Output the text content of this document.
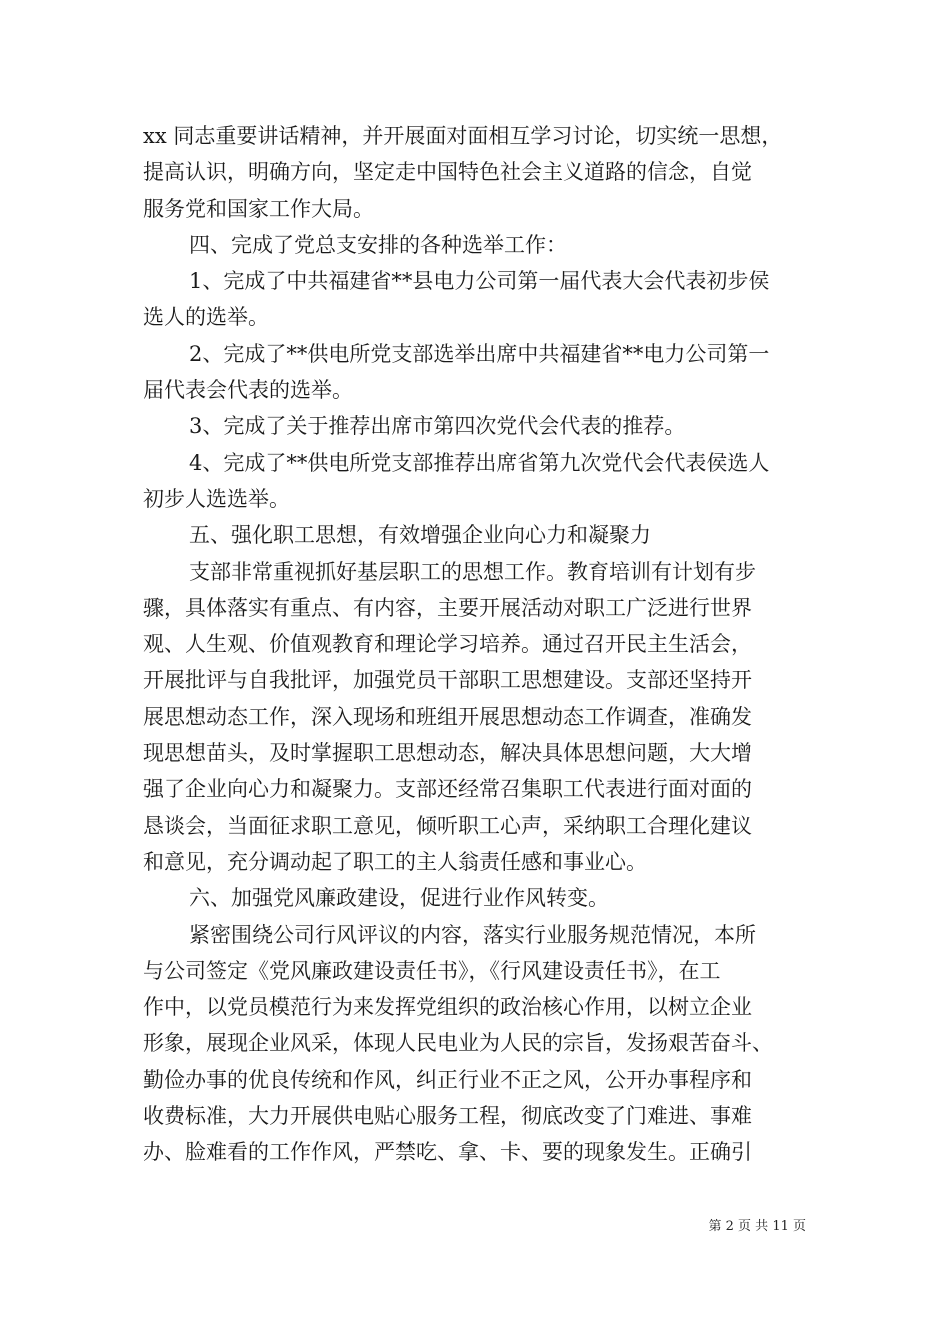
xx 同志重要讲话精神，并开展面对面相互学习讨论，切实统一思想，
提高认识，明确方向，坚定走中国特色社会主义道路的信念，自觉
服务党和国家工作大局。
四、完成了党总支安排的各种选举工作：
1、完成了中共福建省**县电力公司第一届代表大会代表初步侯
选人的选举。
2、完成了**供电所党支部选举出席中共福建省**电力公司第一
届代表会代表的选举。
3、完成了关于推荐出席市第四次党代会代表的推荐。
4、完成了**供电所党支部推荐出席省第九次党代会代表侯选人
初步人选选举。
五、强化职工思想，有效增强企业向心力和凝聚力
支部非常重视抓好基层职工的思想工作。教育培训有计划有步
骤，具体落实有重点、有内容，主要开展活动对职工广泛进行世界
观、人生观、价值观教育和理论学习培养。通过召开民主生活会，
开展批评与自我批评，加强党员干部职工思想建设。支部还坚持开
展思想动态工作，深入现场和班组开展思想动态工作调查，准确发
现思想苗头，及时掌握职工思想动态，解决具体思想问题，大大增
强了企业向心力和凝聚力。支部还经常召集职工代表进行面对面的
恳谈会，当面征求职工意见，倾听职工心声，采纳职工合理化建议
和意见，充分调动起了职工的主人翁责任感和事业心。
六、加强党风廉政建设，促进行业作风转变。
紧密围绕公司行风评议的内容，落实行业服务规范情况，本所
与公司签定《党风廉政建设责任书》，《行风建设责任书》，在工
作中，以党员模范行为来发挥党组织的政治核心作用，以树立企业
形象，展现企业风采，体现人民电业为人民的宗旨，发扬艰苦奋斗、
勤俭办事的优良传统和作风，纠正行业不正之风，公开办事程序和
收费标准，大力开展供电贴心服务工程，彻底改变了门难进、事难
办、脸难看的工作作风，严禁吃、拿、卡、要的现象发生。正确引
第 2 页 共 11 页
